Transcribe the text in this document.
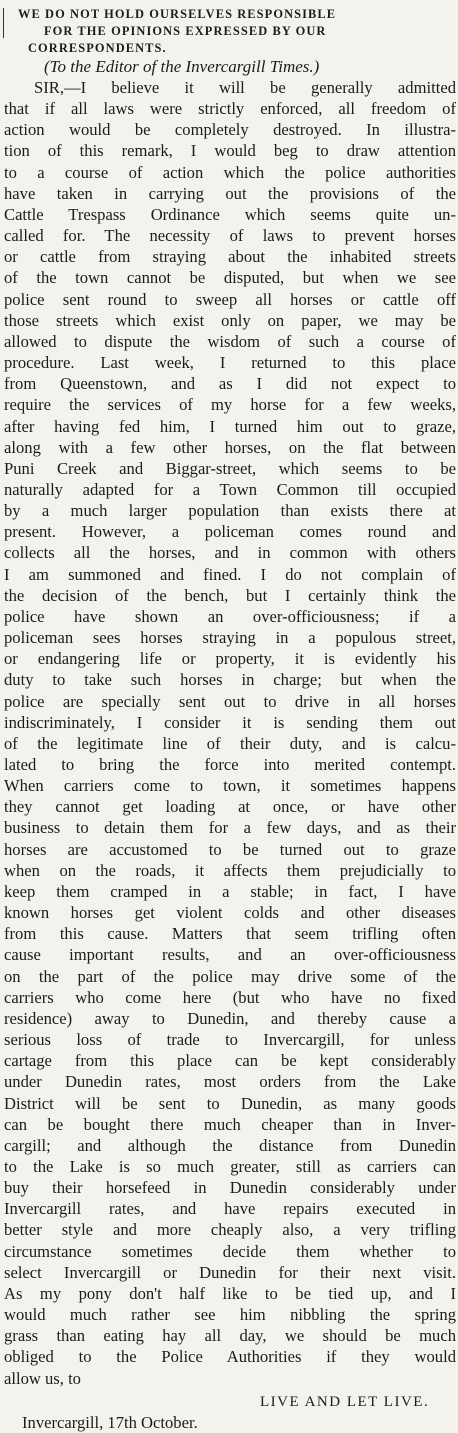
WE DO NOT HOLD OURSELVES RESPONSIBLE
FOR THE OPINIONS EXPRESSED BY OUR
CORRESPONDENTS.
(To the Editor of the Invercargill Times.)
SIR,—I believe it will be generally admitted
that if all laws were strictly enforced, all freedom of
action would be completely destroyed. In illustra-
tion of this remark, I would beg to draw attention
to a course of action which the police authorities
have taken in carrying out the provisions of the
Cattle Trespass Ordinance which seems quite un-
called for. The necessity of laws to prevent horses
or cattle from straying about the inhabited streets
of the town cannot be disputed, but when we see
police sent round to sweep all horses or cattle off
those streets which exist only on paper, we may be
allowed to dispute the wisdom of such a course of
procedure. Last week, I returned to this place
from Queenstown, and as I did not expect to
require the services of my horse for a few weeks,
after having fed him, I turned him out to graze,
along with a few other horses, on the flat between
Puni Creek and Biggar-street, which seems to be
naturally adapted for a Town Common till occupied
by a much larger population than exists there at
present. However, a policeman comes round and
collects all the horses, and in common with others
I am summoned and fined. I do not complain of
the decision of the bench, but I certainly think the
police have shown an over-officiousness; if a
policeman sees horses straying in a populous street,
or endangering life or property, it is evidently his
duty to take such horses in charge; but when the
police are specially sent out to drive in all horses
indiscriminately, I consider it is sending them out
of the legitimate line of their duty, and is calcu-
lated to bring the force into merited contempt.
When carriers come to town, it sometimes happens
they cannot get loading at once, or have other
business to detain them for a few days, and as their
horses are accustomed to be turned out to graze
when on the roads, it affects them prejudicially to
keep them cramped in a stable; in fact, I have
known horses get violent colds and other diseases
from this cause. Matters that seem trifling often
cause important results, and an over-officiousness
on the part of the police may drive some of the
carriers who come here (but who have no fixed
residence) away to Dunedin, and thereby cause a
serious loss of trade to Invercargill, for unless
cartage from this place can be kept considerably
under Dunedin rates, most orders from the Lake
District will be sent to Dunedin, as many goods
can be bought there much cheaper than in Inver-
cargill; and although the distance from Dunedin
to the Lake is so much greater, still as carriers can
buy their horsefeed in Dunedin considerably under
Invercargill rates, and have repairs executed in
better style and more cheaply also, a very trifling
circumstance sometimes decide them whether to
select Invercargill or Dunedin for their next visit.
As my pony don't half like to be tied up, and I
would much rather see him nibbling the spring
grass than eating hay all day, we should be much
obliged to the Police Authorities if they would
allow us, to
LIVE AND LET LIVE.
Invercargill, 17th October.
